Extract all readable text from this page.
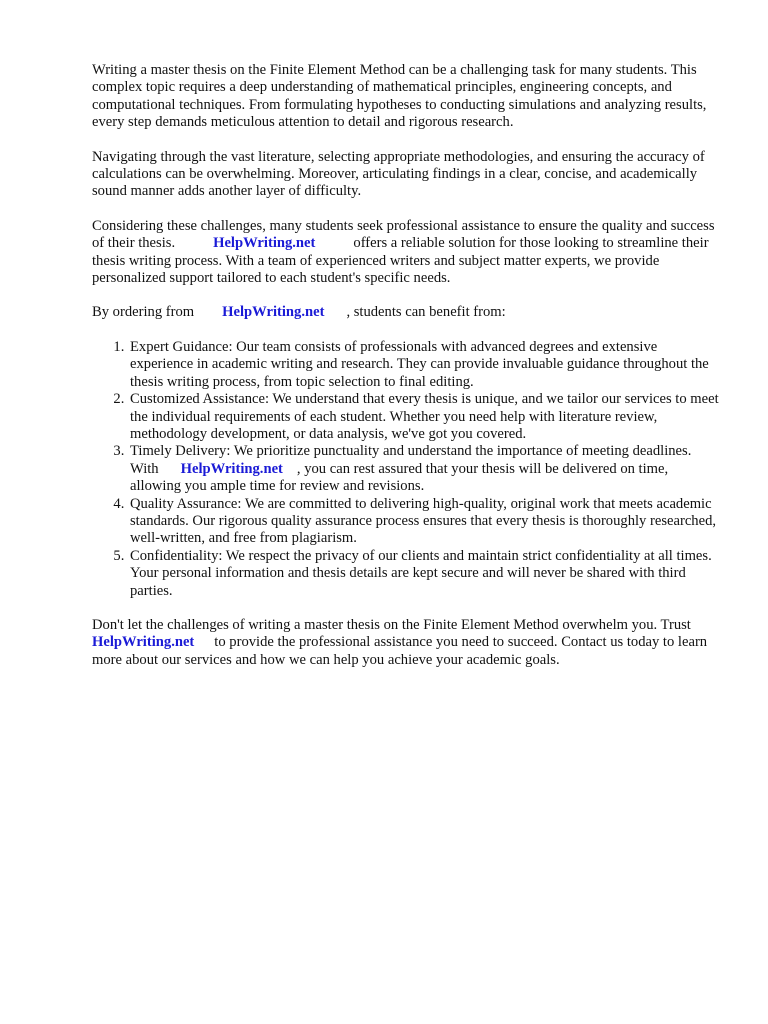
Writing a master thesis on the Finite Element Method can be a challenging task for many students. This complex topic requires a deep understanding of mathematical principles, engineering concepts, and computational techniques. From formulating hypotheses to conducting simulations and analyzing results, every step demands meticulous attention to detail and rigorous research.

Navigating through the vast literature, selecting appropriate methodologies, and ensuring the accuracy of calculations can be overwhelming. Moreover, articulating findings in a clear, concise, and academically sound manner adds another layer of difficulty.

Considering these challenges, many students seek professional assistance to ensure the quality and success of their thesis.	HelpWriting.net	offers a reliable solution for those looking to streamline their thesis writing process. With a team of experienced writers and subject matter experts, we provide personalized support tailored to each student's specific needs.

By ordering from HelpWriting.net , students can benefit from:

1. Expert Guidance: Our team consists of professionals with advanced degrees and extensive experience in academic writing and research. They can provide invaluable guidance throughout the thesis writing process, from topic selection to final editing.
2. Customized Assistance: We understand that every thesis is unique, and we tailor our services to meet the individual requirements of each student. Whether you need help with literature review, methodology development, or data analysis, we've got you covered.
3. Timely Delivery: We prioritize punctuality and understand the importance of meeting deadlines. With HelpWriting.net , you can rest assured that your thesis will be delivered on time, allowing you ample time for review and revisions.
4. Quality Assurance: We are committed to delivering high-quality, original work that meets academic standards. Our rigorous quality assurance process ensures that every thesis is thoroughly researched, well-written, and free from plagiarism.
5. Confidentiality: We respect the privacy of our clients and maintain strict confidentiality at all times. Your personal information and thesis details are kept secure and will never be shared with third parties.

Don't let the challenges of writing a master thesis on the Finite Element Method overwhelm you. TrustHelpWriting.net to provide the professional assistance you need to succeed. Contact us today to learn more about our services and how we can help you achieve your academic goals.
